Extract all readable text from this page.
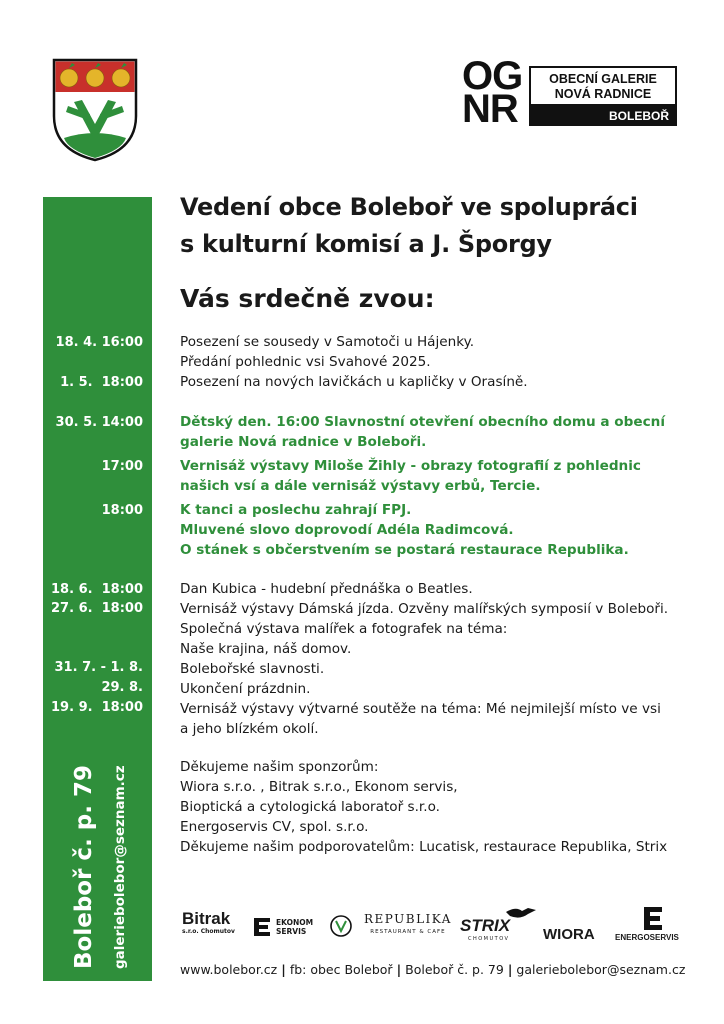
OG
NR
OBECNÍ GALERIE
NOVÁ RADNICE
BOLEBOŘ
Vedení obce Boleboř ve spolupráci
s kulturní komisí a J. Šporgy
Vás srdečně zvou:
18. 4. 16:00
1. 5.  18:00
30. 5. 14:00
17:00
18:00
18. 6.  18:00
27. 6.  18:00
31. 7. - 1. 8.
29. 8.
19. 9.  18:00
Boleboř č. p. 79 galeriebolebor@seznam.cz
Posezení se sousedy v Samotoči u Hájenky.
Předání pohlednic vsi Svahové 2025.
Posezení na nových lavičkách u kapličky v Orasíně.
Dětský den. 16:00 Slavnostní otevření obecního domu a obecní
galerie Nová radnice v Boleboři.
Vernisáž výstavy Miloše Žihly - obrazy fotografií z pohlednic
našich vsí a dále vernisáž výstavy erbů, Tercie.
K tanci a poslechu zahrají FPJ.
Mluvené slovo doprovodí Adéla Radimcová.
O stánek s občerstvením se postará restaurace Republika.
Dan Kubica - hudební přednáška o Beatles.
Vernisáž výstavy Dámská jízda. Ozvěny malířských symposií v Boleboři.
Společná výstava malířek a fotografek na téma:
Naše krajina, náš domov.
Bolebořské slavnosti.
Ukončení prázdnin.
Vernisáž výstavy výtvarné soutěže na téma: Mé nejmilejší místo ve vsi
a jeho blízkém okolí.
Děkujeme našim sponzorům:
Wiora s.r.o. , Bitrak s.r.o., Ekonom servis,
Bioptická a cytologická laboratoř s.r.o.
Energoservis CV, spol. s.r.o.
Děkujeme našim podporovatelům: Lucatisk, restaurace Republika, Strix
Bitrak
s.r.o. Chomutov
EKONOM
SERVIS
REPUBLIKA
RESTAURANT & CAFE STRIX
CHOMUTOV WIORA	ENERGOSERVIS
www.bolebor.cz | fb: obec Boleboř | Boleboř č. p. 79 | galeriebolebor@seznam.cz
